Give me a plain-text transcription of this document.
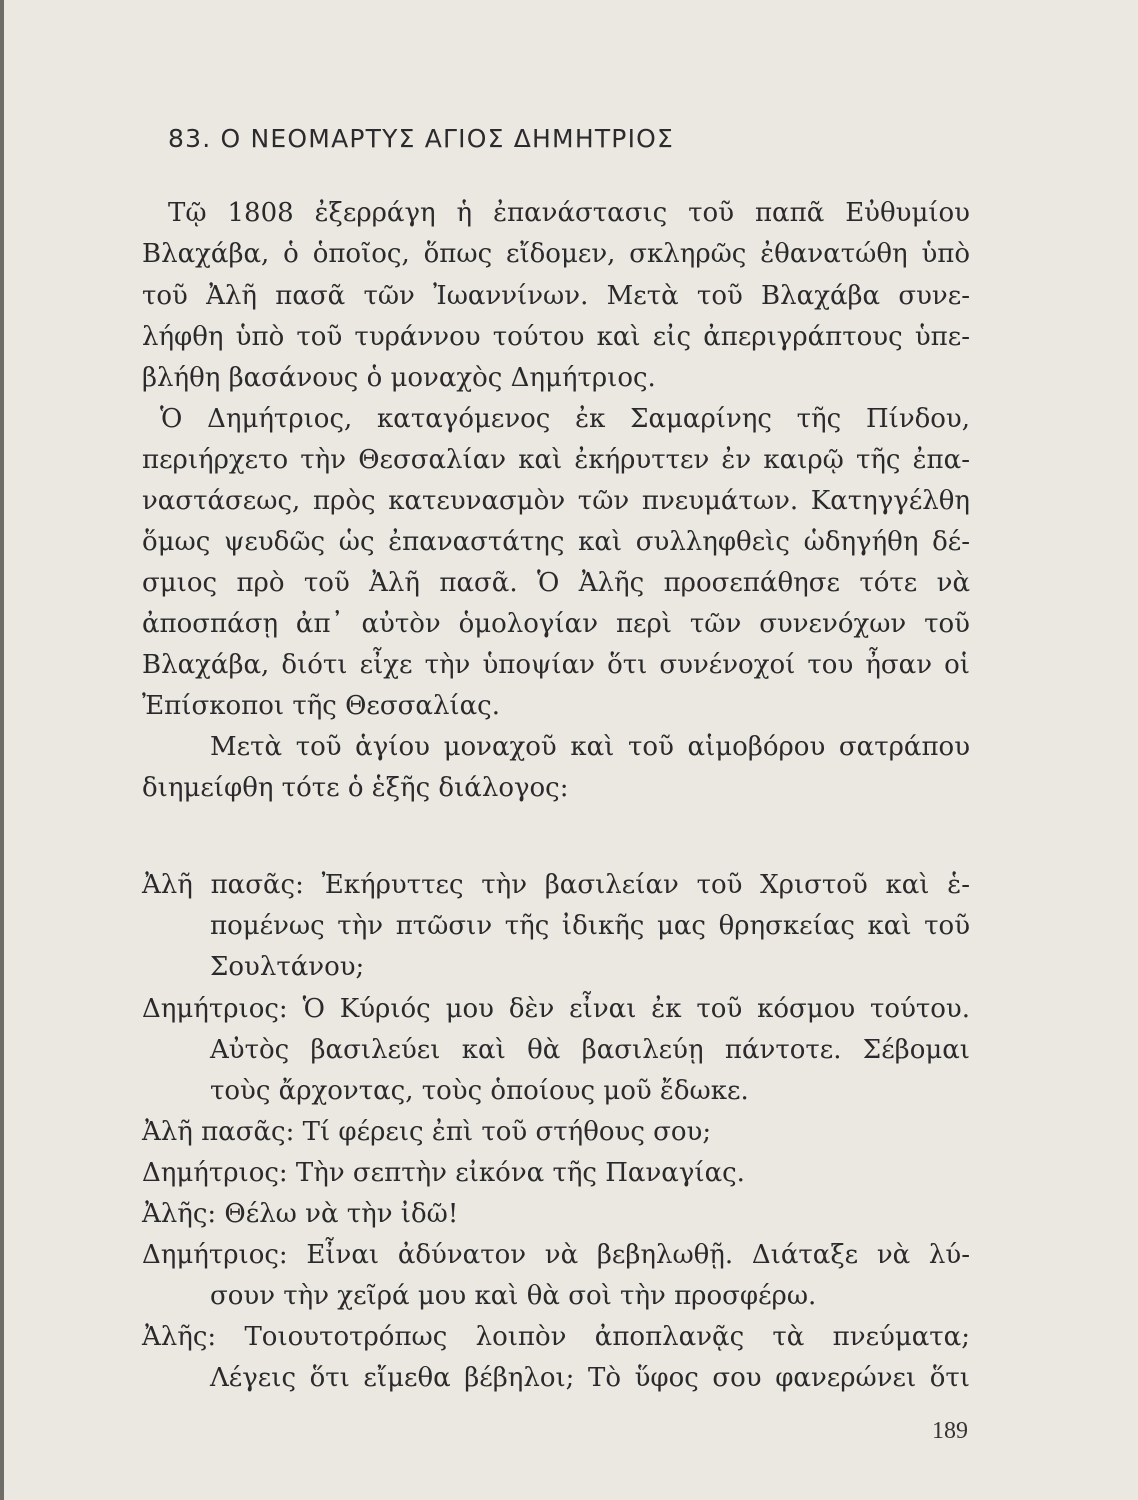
83. Ο ΝΕΟΜΑΡΤΥΣ ΑΓΙΟΣ ΔΗΜΗΤΡΙΟΣ
Τῷ 1808 ἐξερράγη ἡ ἐπανάστασις τοῦ παπᾶ Εὐθυμίου
Βλαχάβα, ὁ ὁποῖος, ὅπως εἴδομεν, σκληρῶς ἐθανατώθη ὑπὸ
τοῦ Ἀλῆ πασᾶ τῶν Ἰωαννίνων. Μετὰ τοῦ Βλαχάβα συνε-
λήφθη ὑπὸ τοῦ τυράννου τούτου καὶ εἰς ἀπεριγράπτους ὑπε-
βλήθη βασάνους ὁ μοναχὸς Δημήτριος.
Ὁ Δημήτριος, καταγόμενος ἐκ Σαμαρίνης τῆς Πίνδου,
περιήρχετο τὴν Θεσσαλίαν καὶ ἐκήρυττεν ἐν καιρῷ τῆς ἐπα-
ναστάσεως, πρὸς κατευνασμὸν τῶν πνευμάτων. Κατηγγέλθη
ὅμως ψευδῶς ὡς ἐπαναστάτης καὶ συλληφθεὶς ὡδηγήθη δέ-
σμιος πρὸ τοῦ Ἀλῆ πασᾶ. Ὁ Ἀλῆς προσεπάθησε τότε νὰ
ἀποσπάσῃ ἀπ᾽ αὐτὸν ὁμολογίαν περὶ τῶν συνενόχων τοῦ
Βλαχάβα, διότι εἶχε τὴν ὑποψίαν ὅτι συνένοχοί του ἦσαν οἱ
Ἐπίσκοποι τῆς Θεσσαλίας.
Μετὰ τοῦ ἁγίου μοναχοῦ καὶ τοῦ αἱμοβόρου σατράπου
διημείφθη τότε ὁ ἑξῆς διάλογος:
Ἀλῆ πασᾶς: Ἐκήρυττες τὴν βασιλείαν τοῦ Χριστοῦ καὶ ἑ-
πομένως τὴν πτῶσιν τῆς ἰδικῆς μας θρησκείας καὶ τοῦ
Σουλτάνου;
Δημήτριος: Ὁ Κύριός μου δὲν εἶναι ἐκ τοῦ κόσμου τούτου.
Αὐτὸς βασιλεύει καὶ θὰ βασιλεύῃ πάντοτε. Σέβομαι
τοὺς ἄρχοντας, τοὺς ὁποίους μοῦ ἔδωκε.
Ἀλῆ πασᾶς: Τί φέρεις ἐπὶ τοῦ στήθους σου;
Δημήτριος: Τὴν σεπτὴν εἰκόνα τῆς Παναγίας.
Ἀλῆς: Θέλω νὰ τὴν ἰδῶ!
Δημήτριος: Εἶναι ἀδύνατον νὰ βεβηλωθῇ. Διάταξε νὰ λύ-
σουν τὴν χεῖρά μου καὶ θὰ σοὶ τὴν προσφέρω.
Ἀλῆς: Τοιουτοτρόπως λοιπὸν ἀποπλανᾷς τὰ πνεύματα;
Λέγεις ὅτι εἴμεθα βέβηλοι; Τὸ ὕφος σου φανερώνει ὅτι
189
